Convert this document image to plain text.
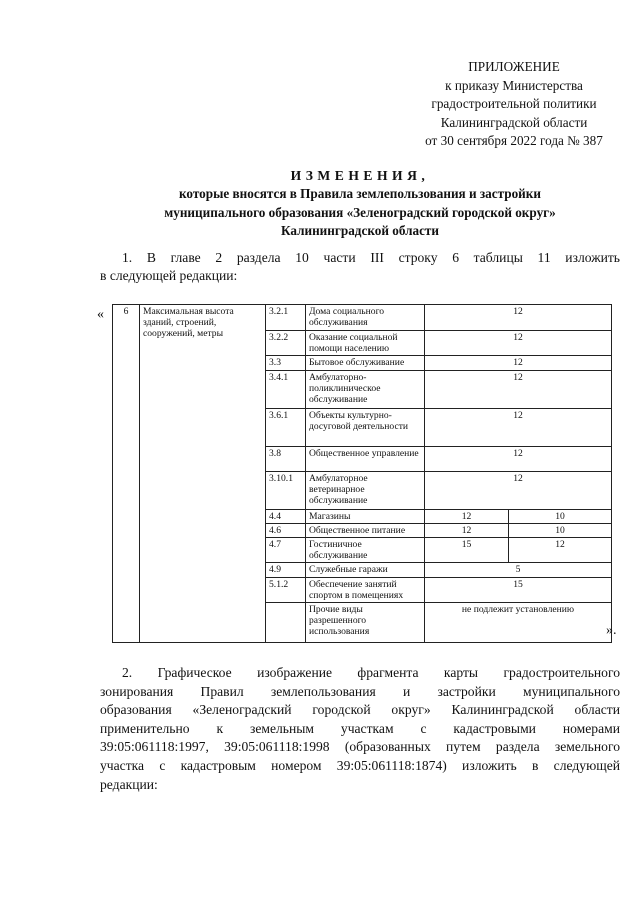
ПРИЛОЖЕНИЕ
к приказу Министерства
градостроительной политики
Калининградской области
от 30 сентября 2022 года № 387
ИЗМЕНЕНИЯ,
которые вносятся в Правила землепользования и застройки
муниципального образования «Зеленоградский городской округ»
Калининградской области
1. В главе 2 раздела 10 части III строку 6 таблицы 11 изложить
в следующей редакции:
« 6	Максимальная высота зданий, строений, сооружений, метры	3.2.1	Дома социального обслуживания	12	
		3.2.2	Оказание социальной помощи населению	12	
		3.3	Бытовое обслуживание	12	
		3.4.1	Амбулаторно-поликлиническое обслуживание	12	
		3.6.1	Объекты культурно-досуговой деятельности	12	
		3.8	Общественное управление	12	
		3.10.1	Амбулаторное ветеринарное обслуживание	12	
		4.4	Магазины	12	10
		4.6	Общественное питание	12	10
		4.7	Гостиничное обслуживание	15	12
		4.9	Служебные гаражи	5	
		5.1.2	Обеспечение занятий спортом в помещениях	15	
			Прочие виды разрешенного использования	не подлежит установлению	
».
2. Графическое изображение фрагмента карты градостроительного
зонирования Правил землепользования и застройки муниципального
образования «Зеленоградский городской округ» Калининградской области
применительно к земельным участкам с кадастровыми номерами
39:05:061118:1997, 39:05:061118:1998 (образованных путем раздела земельного
участка с кадастровым номером 39:05:061118:1874) изложить в следующей
редакции:
